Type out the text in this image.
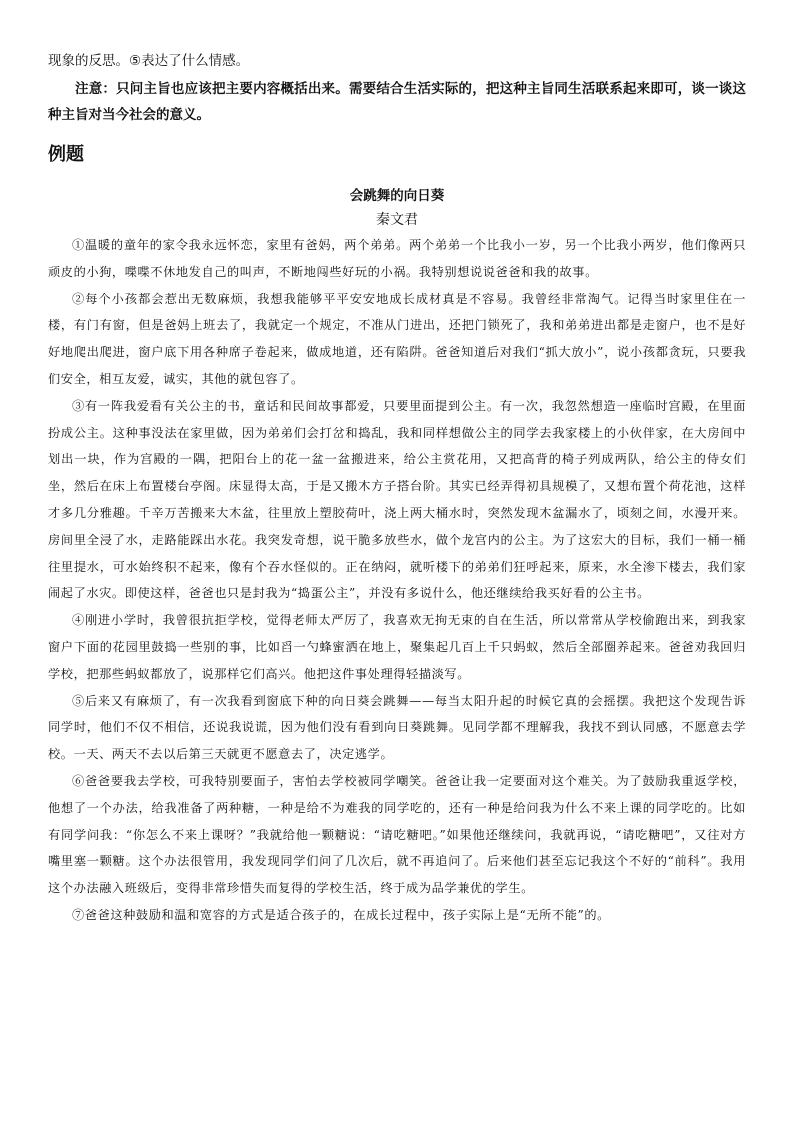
现象的反思。⑤表达了什么情感。

注意：只问主旨也应该把主要内容概括出来。需要结合生活实际的，把这种主旨同生活联系起来即可，谈一谈这种主旨对当今社会的意义。

例题
会跳舞的向日葵
秦文君

①温暖的童年的家令我永远怀恋，家里有爸妈，两个弟弟。两个弟弟一个比我小一岁，另一个比我小两岁，他们像两只顽皮的小狗，喋喋不休地发自己的叫声，不断地闯些好玩的小祸。我特别想说说爸爸和我的故事。

②每个小孩都会惹出无数麻烦，我想我能够平平安安地成长成材真是不容易。我曾经非常淘气。记得当时家里住在一楼，有门有窗，但是爸妈上班去了，我就定一个规定，不准从门进出，还把门锁死了，我和弟弟进出都是走窗户，也不是好好地爬出爬进，窗户底下用各种席子卷起来，做成地道，还有陷阱。爸爸知道后对我们“抓大放小”，说小孩都贪玩，只要我们安全，相互友爱，诚实，其他的就包容了。

③有一阵我爱看有关公主的书，童话和民间故事都爱，只要里面提到公主。有一次，我忽然想造一座临时宫殿，在里面扮成公主。这种事没法在家里做，因为弟弟们会打岔和捣乱，我和同样想做公主的同学去我家楼上的小伙伴家，在大房间中划出一块，作为宫殿的一隅，把阳台上的花一盆一盆搬进来，给公主赏花用，又把高背的椅子列成两队，给公主的侍女们坐，然后在床上布置楼台亭阁。床显得太高，于是又搬木方子搭台阶。其实已经弄得初具规模了，又想布置个荷花池，这样才多几分雅趣。千辛万苦搬来大木盆，往里放上塑胶荷叶，浇上两大桶水时，突然发现木盆漏水了，顷刻之间，水漫开来。房间里全浸了水，走路能踩出水花。我突发奇想，说干脆多放些水，做个龙宫内的公主。为了这宏大的目标，我们一桶一桶往里提水，可水始终积不起来，像有个吞水怪似的。正在纳闷，就听楼下的弟弟们狂呼起来，原来，水全渗下楼去，我们家闹起了水灾。即使这样，爸爸也只是封我为“捣蛋公主”，并没有多说什么，他还继续给我买好看的公主书。

④刚进小学时，我曾很抗拒学校，觉得老师太严厉了，我喜欢无拘无束的自在生活，所以常常从学校偷跑出来，到我家窗户下面的花园里鼓捣一些别的事，比如舀一勺蜂蜜洒在地上，聚集起几百上千只蚂蚁，然后全部圈养起来。爸爸劝我回归学校，把那些蚂蚁都放了，说那样它们高兴。他把这件事处理得轻描淡写。

⑤后来又有麻烦了，有一次我看到窗底下种的向日葵会跳舞——每当太阳升起的时候它真的会摇摆。我把这个发现告诉同学时，他们不仅不相信，还说我说谎，因为他们没有看到向日葵跳舞。见同学都不理解我，我找不到认同感，不愿意去学校。一天、两天不去以后第三天就更不愿意去了，决定逃学。

⑥爸爸要我去学校，可我特别要面子，害怕去学校被同学嘲笑。爸爸让我一定要面对这个难关。为了鼓励我重返学校，他想了一个办法，给我准备了两种糖，一种是给不为难我的同学吃的，还有一种是给问我为什么不来上课的同学吃的。比如有同学问我：“你怎么不来上课呀？”我就给他一颗糖说：“请吃糖吧。”如果他还继续问，我就再说，“请吃糖吧”，又往对方嘴里塞一颗糖。这个办法很管用，我发现同学们问了几次后，就不再追问了。后来他们甚至忘记我这个不好的“前科”。我用这个办法融入班级后，变得非常珍惜失而复得的学校生活，终于成为品学兼优的学生。

⑦爸爸这种鼓励和温和宽容的方式是适合孩子的，在成长过程中，孩子实际上是“无所不能”的。
